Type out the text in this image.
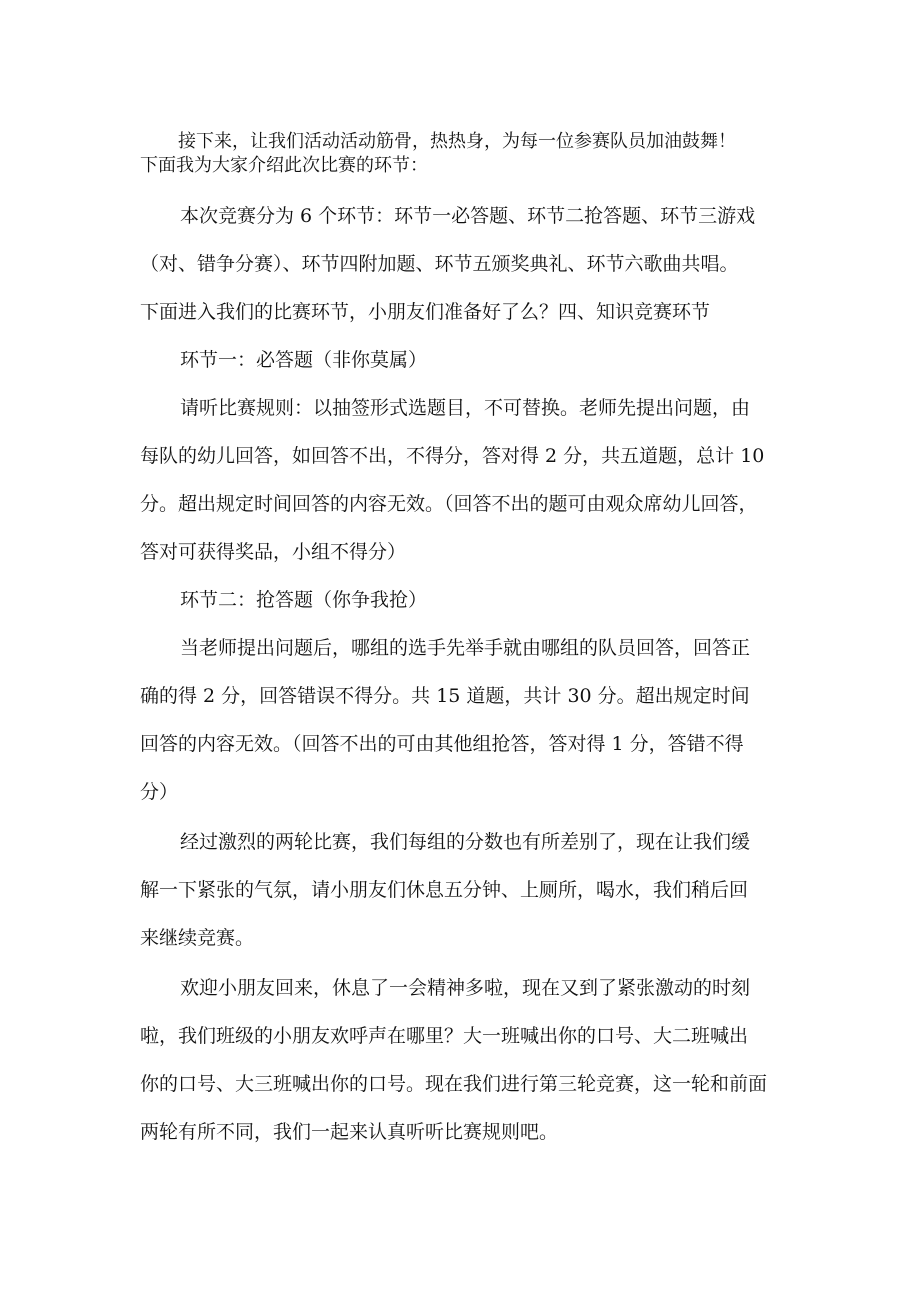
接下来，让我们活动活动筋骨，热热身，为每一位参赛队员加油鼓舞！
下面我为大家介绍此次比赛的环节：
本次竞赛分为 6 个环节：环节一必答题、环节二抢答题、环节三游戏
（对、错争分赛）、环节四附加题、环节五颁奖典礼、环节六歌曲共唱。
下面进入我们的比赛环节，小朋友们准备好了么？四、知识竞赛环节
环节一：必答题（非你莫属）
请听比赛规则：以抽签形式选题目，不可替换。老师先提出问题，由
每队的幼儿回答，如回答不出，不得分，答对得 2 分，共五道题，总计 10
分。超出规定时间回答的内容无效。（回答不出的题可由观众席幼儿回答，
答对可获得奖品，小组不得分）
环节二：抢答题（你争我抢）
当老师提出问题后，哪组的选手先举手就由哪组的队员回答，回答正
确的得 2 分，回答错误不得分。共 15 道题，共计 30 分。超出规定时间
回答的内容无效。（回答不出的可由其他组抢答，答对得 1 分，答错不得
分）
经过激烈的两轮比赛，我们每组的分数也有所差别了，现在让我们缓
解一下紧张的气氛，请小朋友们休息五分钟、上厕所，喝水，我们稍后回
来继续竞赛。
欢迎小朋友回来，休息了一会精神多啦，现在又到了紧张激动的时刻
啦，我们班级的小朋友欢呼声在哪里？大一班喊出你的口号、大二班喊出
你的口号、大三班喊出你的口号。现在我们进行第三轮竞赛，这一轮和前面
两轮有所不同，我们一起来认真听听比赛规则吧。
